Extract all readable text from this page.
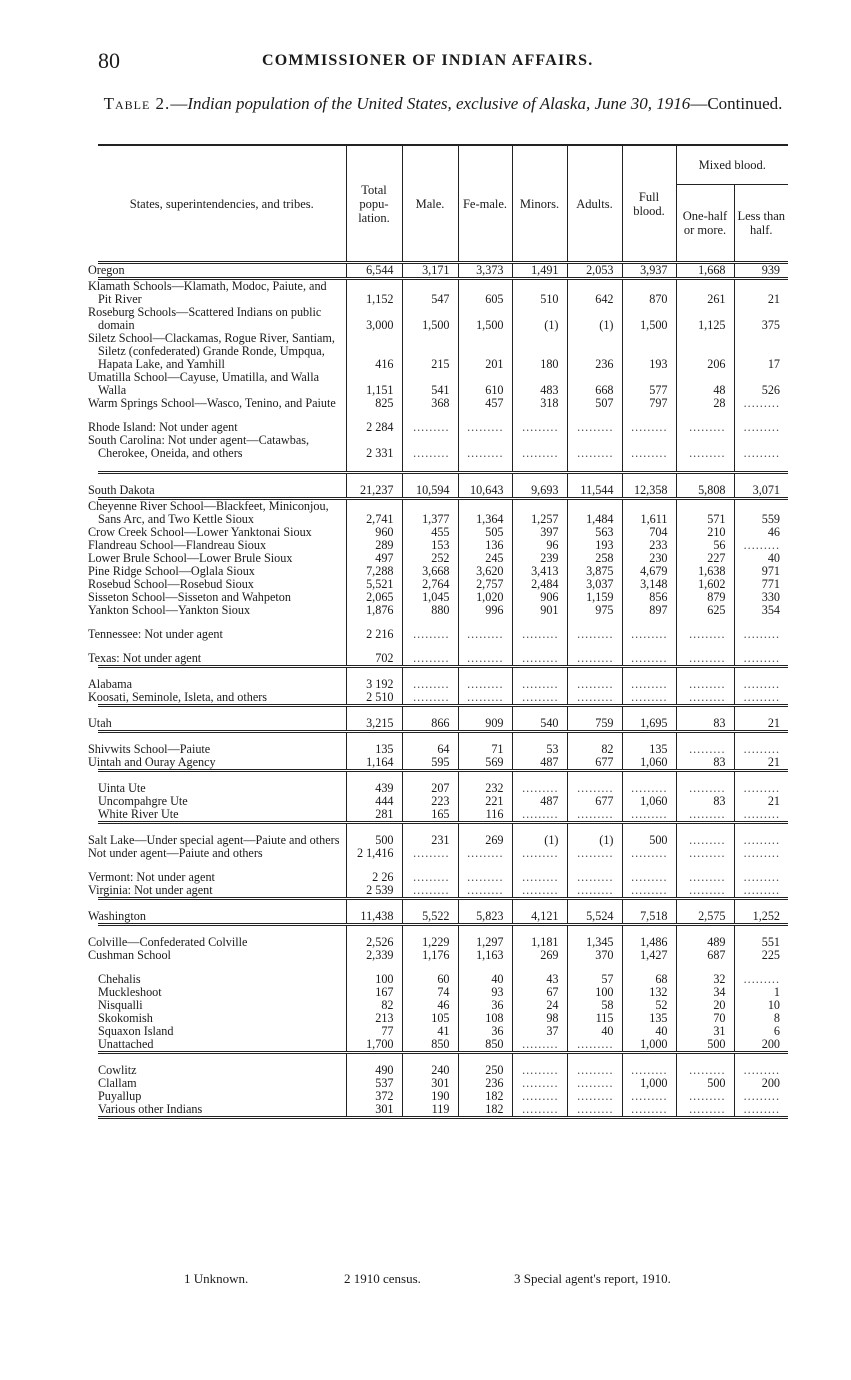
80	COMMISSIONER OF INDIAN AFFAIRS.
Table 2.—Indian population of the United States, exclusive of Alaska, June 30, 1916—Continued.
States, superintendencies, and tribes.	Total popu-lation.	Male.	Fe-male.	Minors.	Adults.	Full blood.	Mixed blood.	
							One-half or more.	Less than half.
Oregon	6,544	3,171	3,373	1,491	2,053	3,937	1,668	939
Klamath Schools—Klamath, Modoc, Paiute, and Pit River	1,152	547	605	510	642	870	261	21
Roseburg Schools—Scattered Indians on public domain	3,000	1,500	1,500	(1)	(1)	1,500	1,125	375
Siletz School—Clackamas, Rogue River, Santiam, Siletz (confederated) Grande Ronde, Umpqua, Hapata Lake, and Yamhill	416	215	201	180	236	193	206	17
Umatilla School—Cayuse, Umatilla, and Walla Walla	1,151	541	610	483	668	577	48	526
Warm Springs School—Wasco, Tenino, and Paiute	825	368	457	318	507	797	28	.........

Rhode Island: Not under agent	2 284	.........	.........	.........	.........	.........	.........	.........
South Carolina: Not under agent—Catawbas, Cherokee, Oneida, and others	2 331	.........	.........	.........	.........	.........	.........	.........

South Dakota	21,237	10,594	10,643	9,693	11,544	12,358	5,808	3,071
Cheyenne River School—Blackfeet, Miniconjou, Sans Arc, and Two Kettle Sioux	2,741	1,377	1,364	1,257	1,484	1,611	571	559
Crow Creek School—Lower Yanktonai Sioux	960	455	505	397	563	704	210	46
Flandreau School—Flandreau Sioux	289	153	136	96	193	233	56	.........
Lower Brule School—Lower Brule Sioux	497	252	245	239	258	230	227	40
Pine Ridge School—Oglala Sioux	7,288	3,668	3,620	3,413	3,875	4,679	1,638	971
Rosebud School—Rosebud Sioux	5,521	2,764	2,757	2,484	3,037	3,148	1,602	771
Sisseton School—Sisseton and Wahpeton	2,065	1,045	1,020	906	1,159	856	879	330
Yankton School—Yankton Sioux	1,876	880	996	901	975	897	625	354

Tennessee: Not under agent	2 216	.........	.........	.........	.........	.........	.........	.........

Texas: Not under agent	702	.........	.........	.........	.........	.........	.........	.........
Alabama	3 192	.........	.........	.........	.........	.........	.........	.........
Koosati, Seminole, Isleta, and others	2 510	.........	.........	.........	.........	.........	.........	.........
Utah	3,215	866	909	540	759	1,695	83	21
Shivwits School—Paiute	135	64	71	53	82	135	.........	.........
Uintah and Ouray Agency	1,164	595	569	487	677	1,060	83	21
Uinta Ute	439	207	232	.........	.........	.........	.........	.........
Uncompahgre Ute	444	223	221	487	677	1,060	83	21
White River Ute	281	165	116	.........	.........	.........	.........	.........
Salt Lake—Under special agent—Paiute and others	500	231	269	(1)	(1)	500	.........	.........
Not under agent—Paiute and others	2 1,416	.........	.........	.........	.........	.........	.........	.........

Vermont: Not under agent	2 26	.........	.........	.........	.........	.........	.........	.........
Virginia: Not under agent	2 539	.........	.........	.........	.........	.........	.........	.........
Washington	11,438	5,522	5,823	4,121	5,524	7,518	2,575	1,252
Colville—Confederated Colville	2,526	1,229	1,297	1,181	1,345	1,486	489	551
Cushman School	2,339	1,176	1,163	269	370	1,427	687	225

Chehalis	100	60	40	43	57	68	32	.........
Muckleshoot	167	74	93	67	100	132	34	1
Nisqualli	82	46	36	24	58	52	20	10
Skokomish	213	105	108	98	115	135	70	8
Squaxon Island	77	41	36	37	40	40	31	6
Unattached	1,700	850	850	.........	.........	1,000	500	200
Cowlitz	490	240	250	.........	.........	.........	.........	.........
Clallam	537	301	236	.........	.........	1,000	500	200
Puyallup	372	190	182	.........	.........	.........	.........	.........
Various other Indians	301	119	182	.........	.........	.........	.........	.........
1 Unknown.	2 1910 census.	3 Special agent's report, 1910.
